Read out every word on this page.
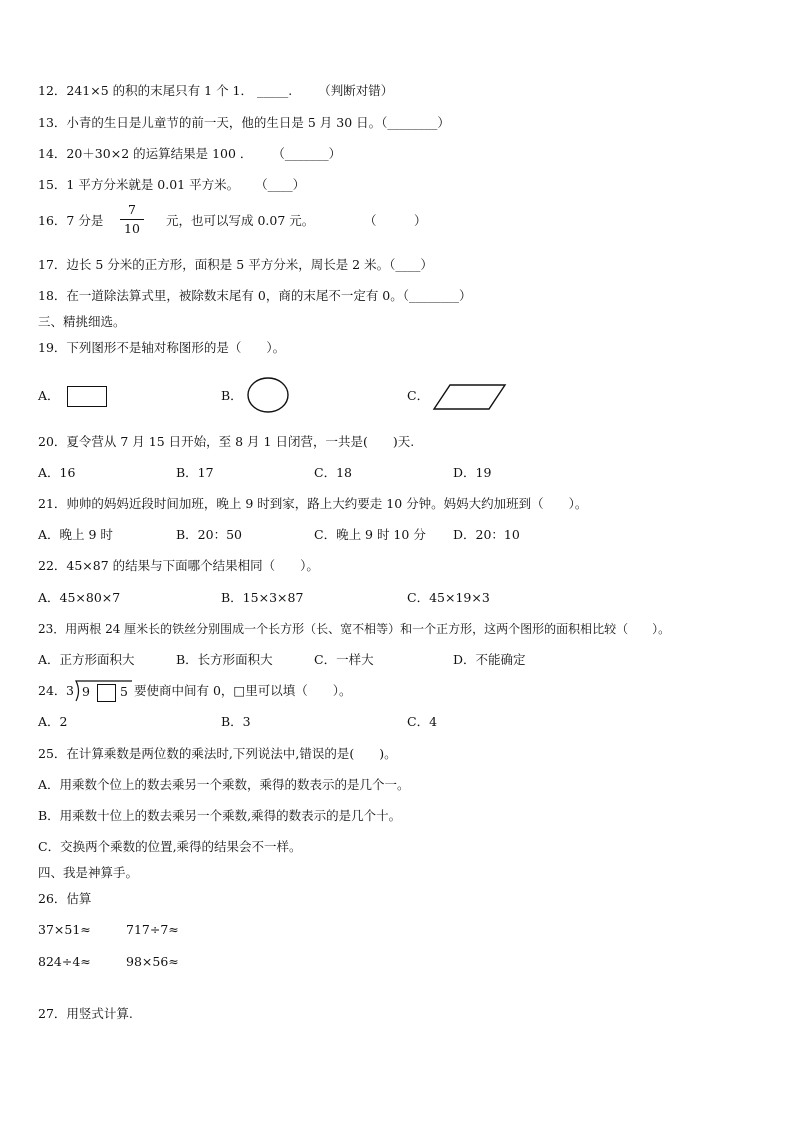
12．241×5 的积的末尾只有 1 个 1． _____. （判断对错）
13．小青的生日是儿童节的前一天，他的生日是 5 月 30 日。（________）
14．20＋30×2 的运算结果是 100 ． （_______）
15．1 平方分米就是 0.01 平方米。 （____）
16．7 分是
7
10
元，也可以写成 0.07 元。	（　　　）
17．边长 5 分米的正方形，面积是 5 平方分米，周长是 2 米。（____）
18．在一道除法算式里，被除数末尾有 0，商的末尾不一定有 0。（________）
三、精挑细选。
19．下列图形不是轴对称图形的是（　　）。
A．	B．	C．
20．夏令营从 7 月 15 日开始，至 8 月 1 日闭营，一共是(　　)天.
A．16	B．17	C．18	D．19
21．帅帅的妈妈近段时间加班，晚上 9 时到家，路上大约要走 10 分钟。妈妈大约加班到（　　）。
A．晚上 9 时	B．20：50	C．晚上 9 时 10 分 D．20：10
22．45×87 的结果与下面哪个结果相同（　　）。
A．45×80×7	B．15×3×87	C．45×19×3
23．用两根 24 厘米长的铁丝分别围成一个长方形（长、宽不相等）和一个正方形，这两个图形的面积相比较（　　）。
A．正方形面积大	B．长方形面积大	C．一样大	D．不能确定
24． 3 9 5 要使商中间有 0，□里可以填（　　）。
A．2	B．3	C．4
25．在计算乘数是两位数的乘法时,下列说法中,错误的是(　　)。
A．用乘数个位上的数去乘另一个乘数，乘得的数表示的是几个一。
B．用乘数十位上的数去乘另一个乘数,乘得的数表示的是几个十。
C．交换两个乘数的位置,乘得的结果会不一样。
四、我是神算手。
26．估算
37×51≈	717÷7≈
824÷4≈	98×56≈
27．用竖式计算.
